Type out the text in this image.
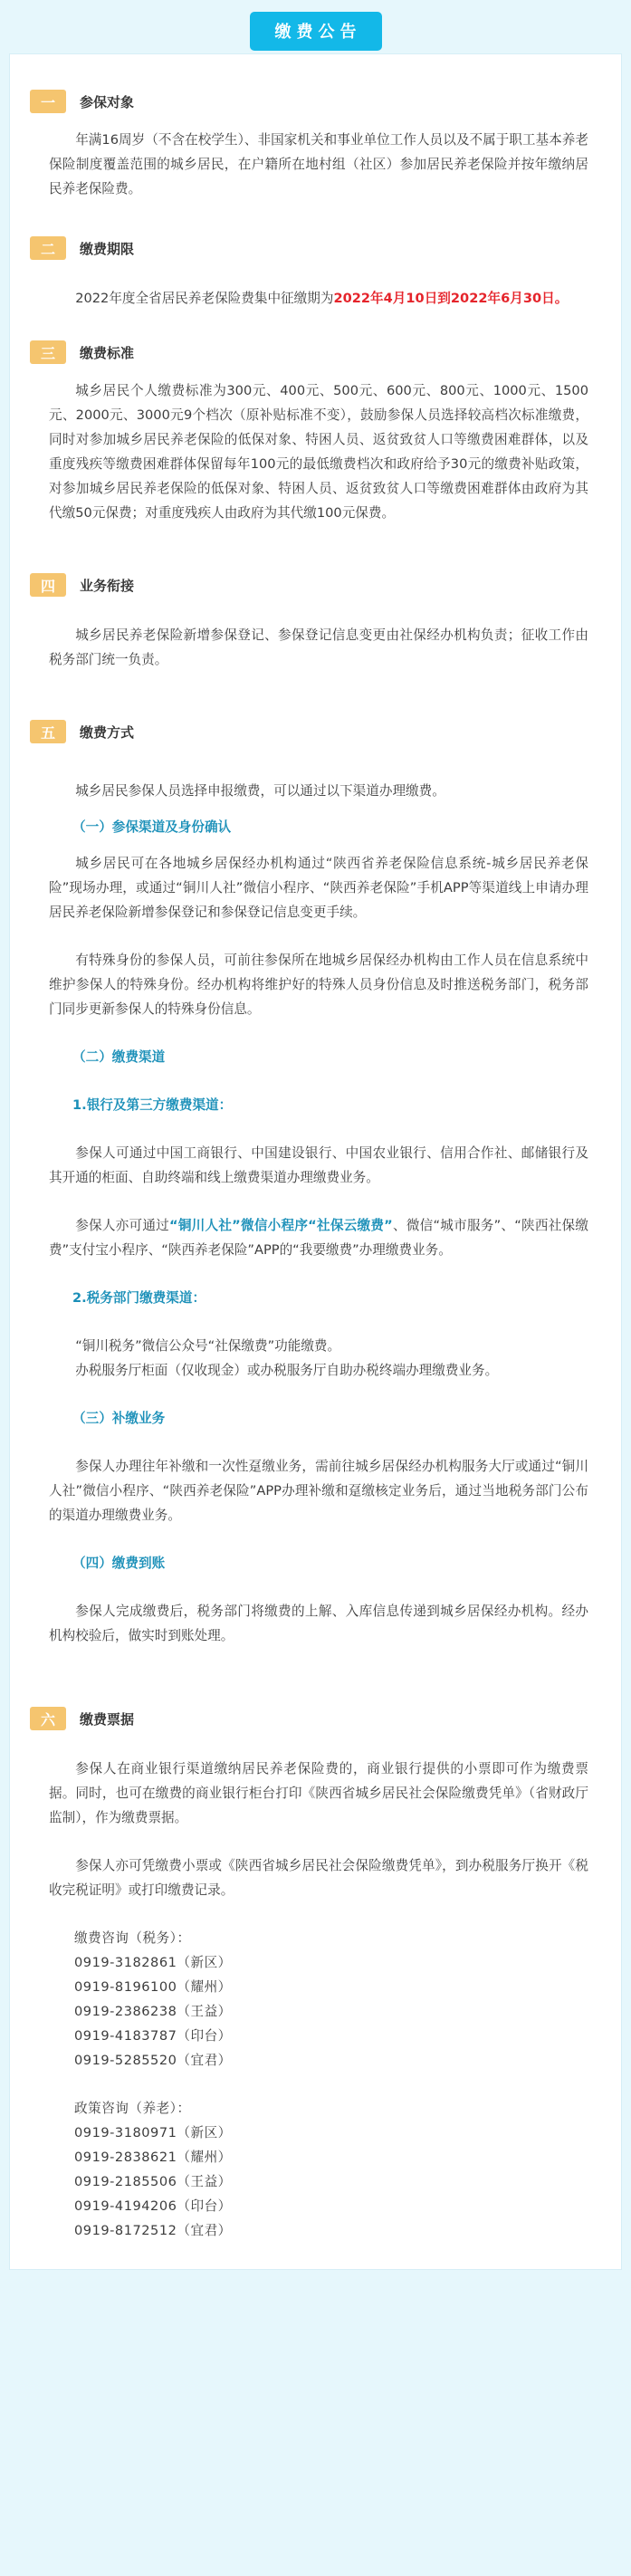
缴费公告
一	参保对象

年满16周岁（不含在校学生）、非国家机关和事业单位工作人员以及不属于职工基本养老保险制度覆盖范围的城乡居民，在户籍所在地村组（社区）参加居民养老保险并按年缴纳居民养老保险费。

二	缴费期限

2022年度全省居民养老保险费集中征缴期为2022年4月10日到2022年6月30日。

三	缴费标准

城乡居民个人缴费标准为300元、400元、500元、600元、800元、1000元、1500元、2000元、3000元9个档次（原补贴标准不变），鼓励参保人员选择较高档次标准缴费，同时对参加城乡居民养老保险的低保对象、特困人员、返贫致贫人口等缴费困难群体，以及重度残疾等缴费困难群体保留每年100元的最低缴费档次和政府给予30元的缴费补贴政策，对参加城乡居民养老保险的低保对象、特困人员、返贫致贫人口等缴费困难群体由政府为其代缴50元保费；对重度残疾人由政府为其代缴100元保费。

四	业务衔接

城乡居民养老保险新增参保登记、参保登记信息变更由社保经办机构负责；征收工作由税务部门统一负责。

五	缴费方式

城乡居民参保人员选择申报缴费，可以通过以下渠道办理缴费。

（一）参保渠道及身份确认

城乡居民可在各地城乡居保经办机构通过“陕西省养老保险信息系统-城乡居民养老保险”现场办理，或通过“铜川人社”微信小程序、“陕西养老保险”手机APP等渠道线上申请办理居民养老保险新增参保登记和参保登记信息变更手续。

有特殊身份的参保人员，可前往参保所在地城乡居保经办机构由工作人员在信息系统中维护参保人的特殊身份。经办机构将维护好的特殊人员身份信息及时推送税务部门，税务部门同步更新参保人的特殊身份信息。

（二）缴费渠道

1.银行及第三方缴费渠道：

参保人可通过中国工商银行、中国建设银行、中国农业银行、信用合作社、邮储银行及其开通的柜面、自助终端和线上缴费渠道办理缴费业务。

参保人亦可通过“铜川人社”微信小程序“社保云缴费”、微信“城市服务”、“陕西社保缴费”支付宝小程序、“陕西养老保险”APP的“我要缴费”办理缴费业务。

2.税务部门缴费渠道：

“铜川税务”微信公众号“社保缴费”功能缴费。

办税服务厅柜面（仅收现金）或办税服务厅自助办税终端办理缴费业务。

（三）补缴业务

参保人办理往年补缴和一次性趸缴业务，需前往城乡居保经办机构服务大厅或通过“铜川人社”微信小程序、“陕西养老保险”APP办理补缴和趸缴核定业务后，通过当地税务部门公布的渠道办理缴费业务。

（四）缴费到账

参保人完成缴费后，税务部门将缴费的上解、入库信息传递到城乡居保经办机构。经办机构校验后，做实时到账处理。

六	缴费票据

参保人在商业银行渠道缴纳居民养老保险费的，商业银行提供的小票即可作为缴费票据。同时，也可在缴费的商业银行柜台打印《陕西省城乡居民社会保险缴费凭单》（省财政厅监制），作为缴费票据。

参保人亦可凭缴费小票或《陕西省城乡居民社会保险缴费凭单》，到办税服务厅换开《税收完税证明》或打印缴费记录。

缴费咨询（税务）：

0919-3182861（新区）

0919-8196100（耀州）

0919-2386238（王益）

0919-4183787（印台）

0919-5285520（宜君）

政策咨询（养老）：

0919-3180971（新区）

0919-2838621（耀州）

0919-2185506（王益）

0919-4194206（印台）

0919-8172512（宜君）
